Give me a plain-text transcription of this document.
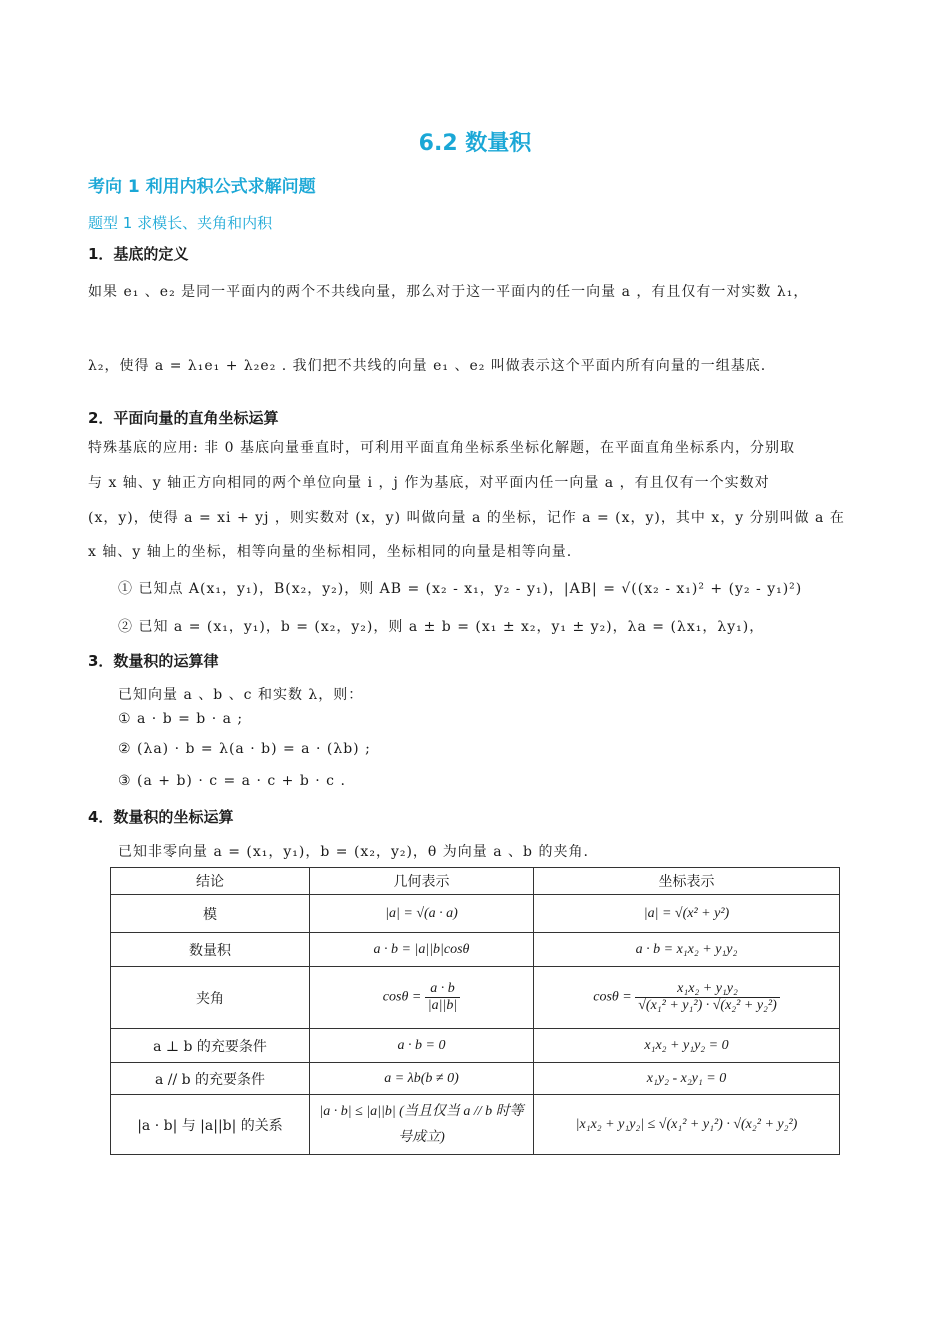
6.2 数量积
考向 1 利用内积公式求解问题
题型 1 求模长、夹角和内积
1．基底的定义
如果 e₁ 、e₂ 是同一平面内的两个不共线向量，那么对于这一平面内的任一向量 a ，有且仅有一对实数 λ₁，
λ₂，使得 a = λ₁e₁ + λ₂e₂ . 我们把不共线的向量 e₁ 、e₂ 叫做表示这个平面内所有向量的一组基底.
2．平面向量的直角坐标运算
特殊基底的应用: 非 0 基底向量垂直时，可利用平面直角坐标系坐标化解题，在平面直角坐标系内，分别取
与 x 轴、y 轴正方向相同的两个单位向量 i ，j 作为基底，对平面内任一向量 a ，有且仅有一个实数对
(x，y)，使得 a = xi + yj ，则实数对 (x，y) 叫做向量 a 的坐标，记作 a = (x，y)，其中 x，y 分别叫做 a 在
x 轴、y 轴上的坐标，相等向量的坐标相同，坐标相同的向量是相等向量.
① 已知点 A(x₁，y₁)，B(x₂，y₂)，则 AB = (x₂ - x₁，y₂ - y₁)，|AB| = √((x₂ - x₁)² + (y₂ - y₁)²)
② 已知 a = (x₁，y₁)，b = (x₂，y₂)，则 a ± b = (x₁ ± x₂，y₁ ± y₂)，λa = (λx₁，λy₁)，
3．数量积的运算律
已知向量 a 、b 、c 和实数 λ，则：
① a · b = b · a ;
② (λa) · b = λ(a · b) = a · (λb) ;
③ (a + b) · c = a · c + b · c .
4．数量积的坐标运算
已知非零向量 a = (x₁，y₁)，b = (x₂，y₂)，θ 为向量 a 、b 的夹角.
结论	几何表示	坐标表示
模	|a| = √(a · a)	|a| = √(x² + y²)
数量积	a · b = |a||b|cosθ	a · b = x₁x₂ + y₁y₂
夹角	$\cos\theta = \frac{a \cdot b}{|a||b|}$	$\cos\theta = \frac{\text{x₁x₂ + y₁y₂}}{\text{√(x₁² + y₁²) · √(x₂² + y₂²)}}$

a ⊥ b 的充要条件	a · b = 0	x₁x₂ + y₁y₂ = 0
a // b 的充要条件	a = λb(b ≠ 0)	x₁y₂ - x₂y₁ = 0
|a · b| 与 |a||b| 的关系	|a · b| ≤ |a||b| (当且仅当 a // b 时等号成立)	|x₁x₂ + y₁y₂| ≤ √(x₁² + y₁²) · √(x₂² + y₂²)
